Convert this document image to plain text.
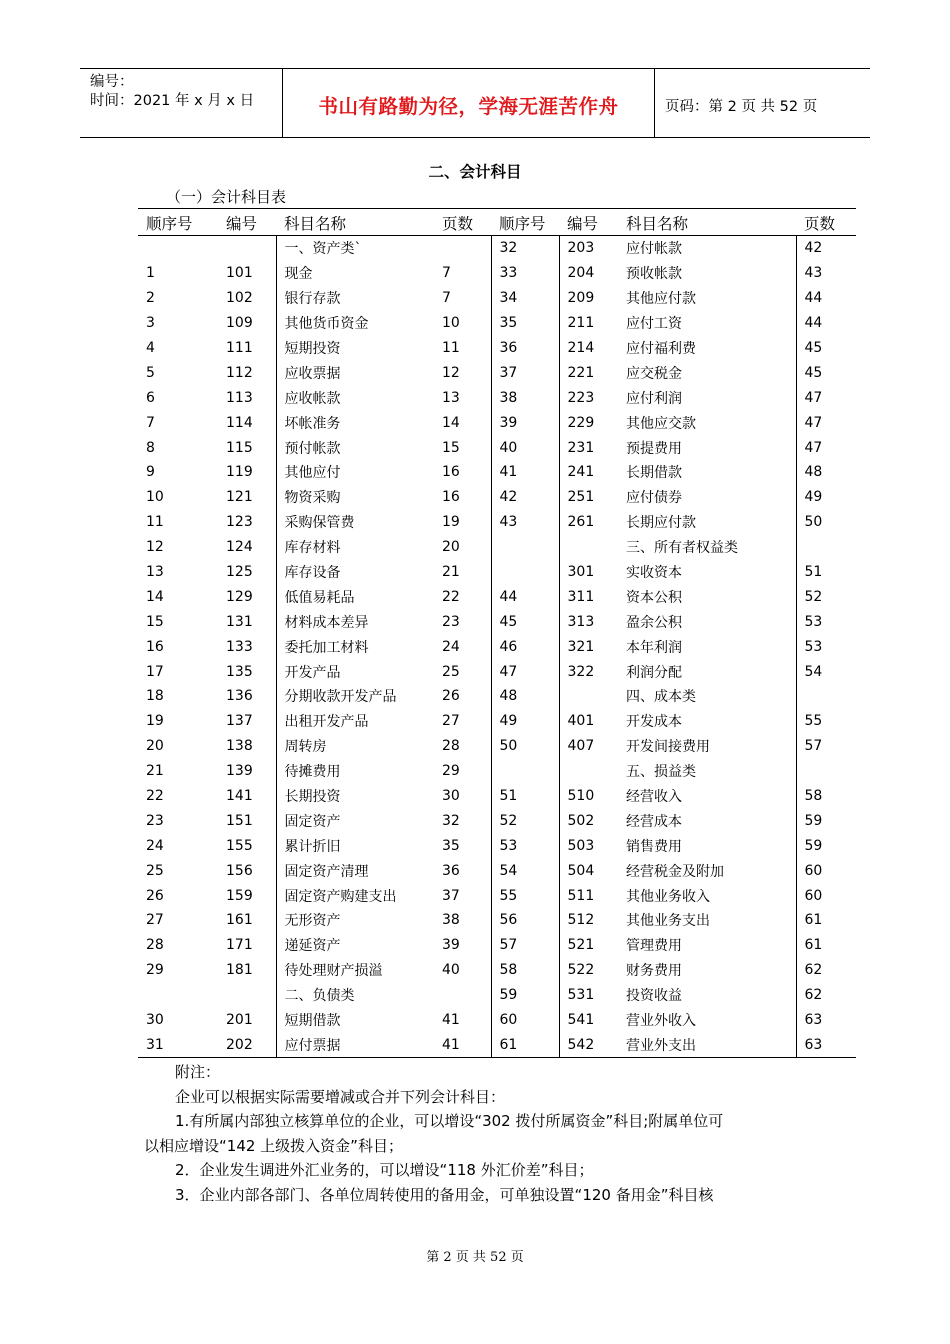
编号：
时间：2021 年 x 月 x 日	书山有路勤为径，学海无涯苦作舟	页码：第 2 页 共 52 页
二、会计科目
（一）会计科目表
顺序号	编号	科目名称	页数	顺序号	编号	科目名称	页数
		一、资产类`		32	203	应付帐款	42
1	101	现金	7	33	204	预收帐款	43
2	102	银行存款	7	34	209	其他应付款	44
3	109	其他货币资金	10	35	211	应付工资	44
4	111	短期投资	11	36	214	应付福利费	45
5	112	应收票据	12	37	221	应交税金	45
6	113	应收帐款	13	38	223	应付利润	47
7	114	坏帐准务	14	39	229	其他应交款	47
8	115	预付帐款	15	40	231	预提费用	47
9	119	其他应付	16	41	241	长期借款	48
10	121	物资采购	16	42	251	应付债券	49
11	123	采购保管费	19	43	261	长期应付款	50
12	124	库存材料	20			三、所有者权益类	
13	125	库存设备	21		301	实收资本	51
14	129	低值易耗品	22	44	311	资本公积	52
15	131	材料成本差异	23	45	313	盈余公积	53
16	133	委托加工材料	24	46	321	本年利润	53
17	135	开发产品	25	47	322	利润分配	54
18	136	分期收款开发产品	26	48		四、成本类	
19	137	出租开发产品	27	49	401	开发成本	55
20	138	周转房	28	50	407	开发间接费用	57
21	139	待摊费用	29			五、损益类	
22	141	长期投资	30	51	510	经营收入	58
23	151	固定资产	32	52	502	经营成本	59
24	155	累计折旧	35	53	503	销售费用	59
25	156	固定资产清理	36	54	504	经营税金及附加	60
26	159	固定资产购建支出	37	55	511	其他业务收入	60
27	161	无形资产	38	56	512	其他业务支出	61
28	171	递延资产	39	57	521	管理费用	61
29	181	待处理财产损溢	40	58	522	财务费用	62
		二、负债类		59	531	投资收益	62
30	201	短期借款	41	60	541	营业外收入	63
31	202	应付票据	41	61	542	营业外支出	63

附注：

企业可以根据实际需要增减或合并下列会计科目：

1.有所属内部独立核算单位的企业，可以增设“302 拨付所属资金”科目;附属单位可

以相应增设“142 上级拨入资金”科目；

2．企业发生调进外汇业务的，可以增设“118 外汇价差”科目；

3．企业内部各部门、各单位周转使用的备用金，可单独设置“120 备用金”科目核

第 2 页 共 52 页
